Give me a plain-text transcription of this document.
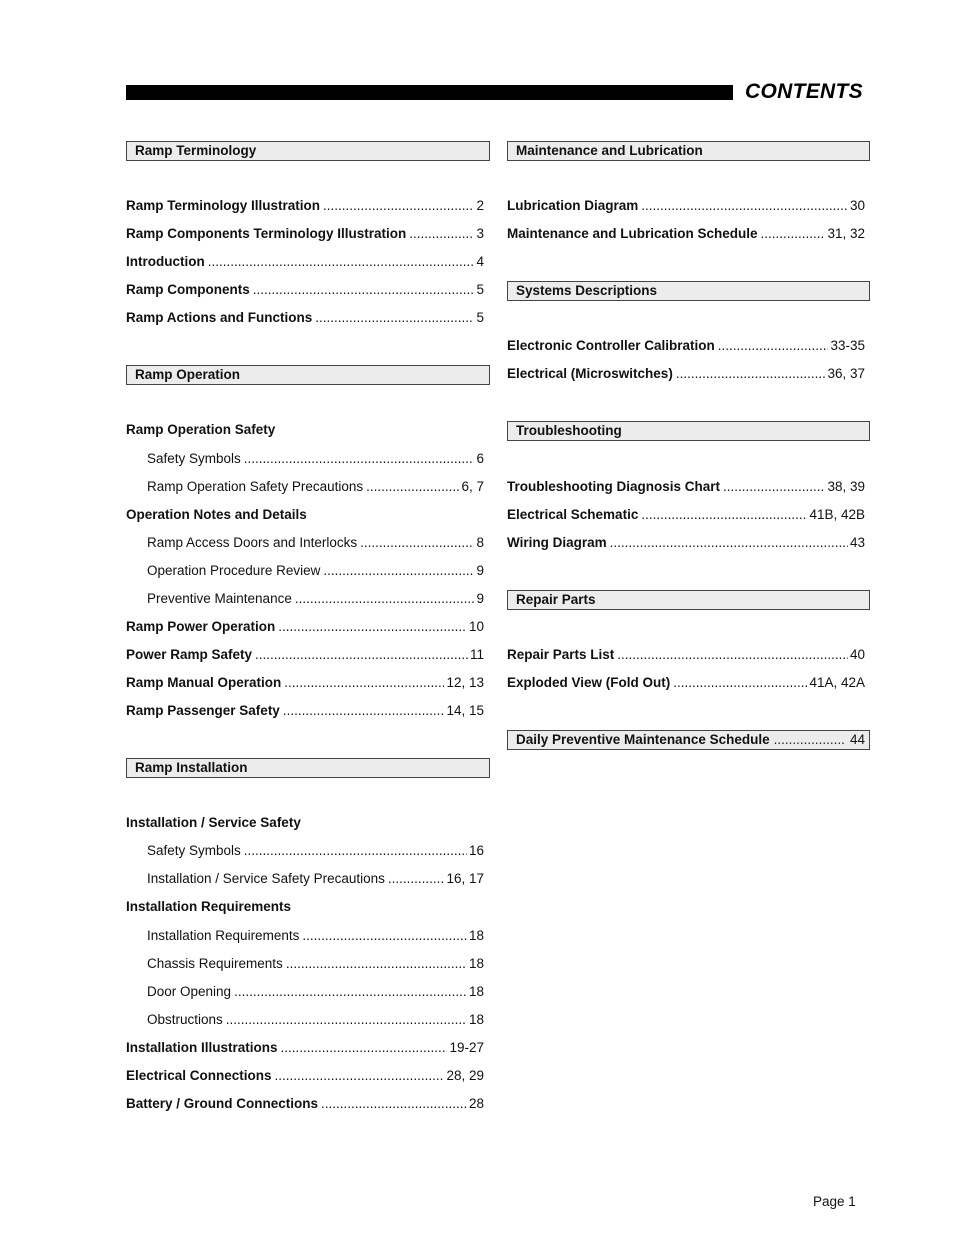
CONTENTS
Ramp Terminology
Ramp Terminology Illustration .....	2
Ramp Components Terminology Illustration .....	3
Introduction .....	4
Ramp Components .....	5
Ramp Actions and Functions .....	5
Ramp Operation
Ramp Operation Safety
Safety Symbols .....	6
Ramp Operation Safety Precautions .....	6, 7
Operation Notes and Details
Ramp Access Doors and Interlocks .....	8
Operation Procedure Review .....	9
Preventive Maintenance .....	9
Ramp Power Operation .....	10
Power Ramp Safety .....	11
Ramp Manual Operation .....	12, 13
Ramp Passenger Safety .....	14, 15
Ramp Installation
Installation / Service Safety
Safety Symbols .....	16
Installation / Service Safety Precautions .....	16, 17
Installation Requirements
Installation Requirements .....	18
Chassis Requirements .....	18
Door Opening .....	18
Obstructions .....	18
Installation Illustrations .....	19-27
Electrical Connections .....	28, 29
Battery / Ground Connections .....	28
Maintenance and Lubrication
Lubrication Diagram .....	30
Maintenance and Lubrication Schedule .....	31, 32
Systems Descriptions
Electronic Controller Calibration .....	33-35
Electrical (Microswitches) .....	36, 37
Troubleshooting
Troubleshooting Diagnosis Chart .....	38, 39
Electrical Schematic .....	41B, 42B
Wiring Diagram .....	43
Repair Parts
Repair Parts List .....	40
Exploded View (Fold Out) .....	41A, 42A
Daily Preventive Maintenance Schedule .....	44
Page 1
